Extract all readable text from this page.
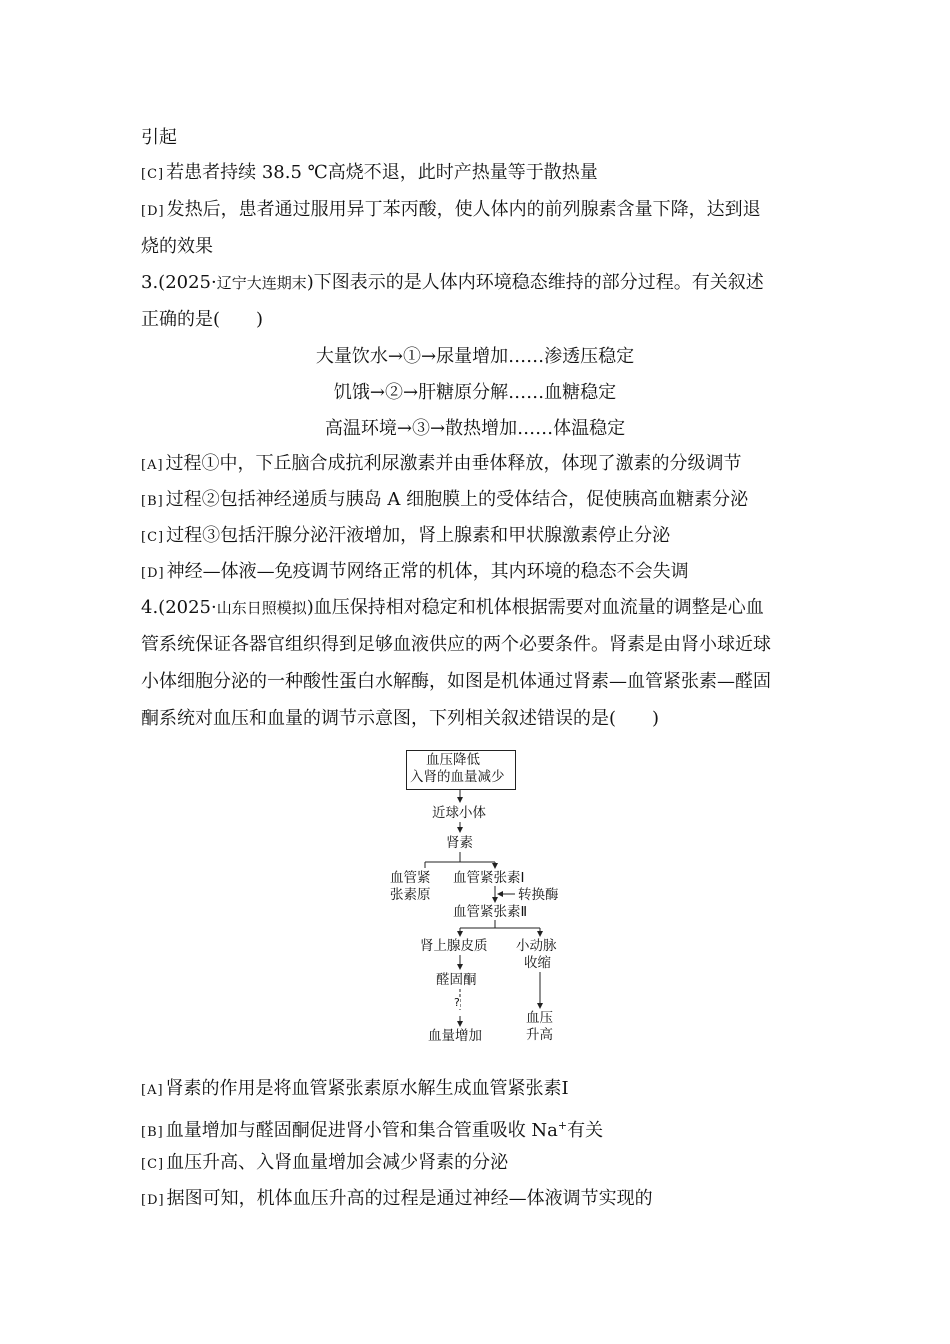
引起
[C] 若患者持续 38.5 ℃高烧不退，此时产热量等于散热量
[D] 发热后，患者通过服用异丁苯丙酸，使人体内的前列腺素含量下降，达到退
烧的效果
3.(2025·辽宁大连期末)下图表示的是人体内环境稳态维持的部分过程。有关叙述
正确的是(　　)
大量饮水→①→尿量增加……渗透压稳定
饥饿→②→肝糖原分解……血糖稳定
高温环境→③→散热增加……体温稳定
[A] 过程①中，下丘脑合成抗利尿激素并由垂体释放，体现了激素的分级调节
[B] 过程②包括神经递质与胰岛 A 细胞膜上的受体结合，促使胰高血糖素分泌
[C] 过程③包括汗腺分泌汗液增加，肾上腺素和甲状腺激素停止分泌
[D] 神经—体液—免疫调节网络正常的机体，其内环境的稳态不会失调
4.(2025·山东日照模拟)血压保持相对稳定和机体根据需要对血流量的调整是心血
管系统保证各器官组织得到足够血液供应的两个必要条件。肾素是由肾小球近球
小体细胞分泌的一种酸性蛋白水解酶，如图是机体通过肾素—血管紧张素—醛固
酮系统对血压和血量的调节示意图，下列相关叙述错误的是(　　)
血压降低
入肾的血量减少
近球小体
肾素
血管紧
张素原
血管紧张素Ⅰ
转换酶
血管紧张素Ⅱ
肾上腺皮质 小动脉
收缩
醛固酮
?
血量增加
血压
升高
[A] 肾素的作用是将血管紧张素原水解生成血管紧张素Ⅰ
[B] 血量增加与醛固酮促进肾小管和集合管重吸收 Na+有关
[C] 血压升高、入肾血量增加会减少肾素的分泌
[D] 据图可知，机体血压升高的过程是通过神经—体液调节实现的
